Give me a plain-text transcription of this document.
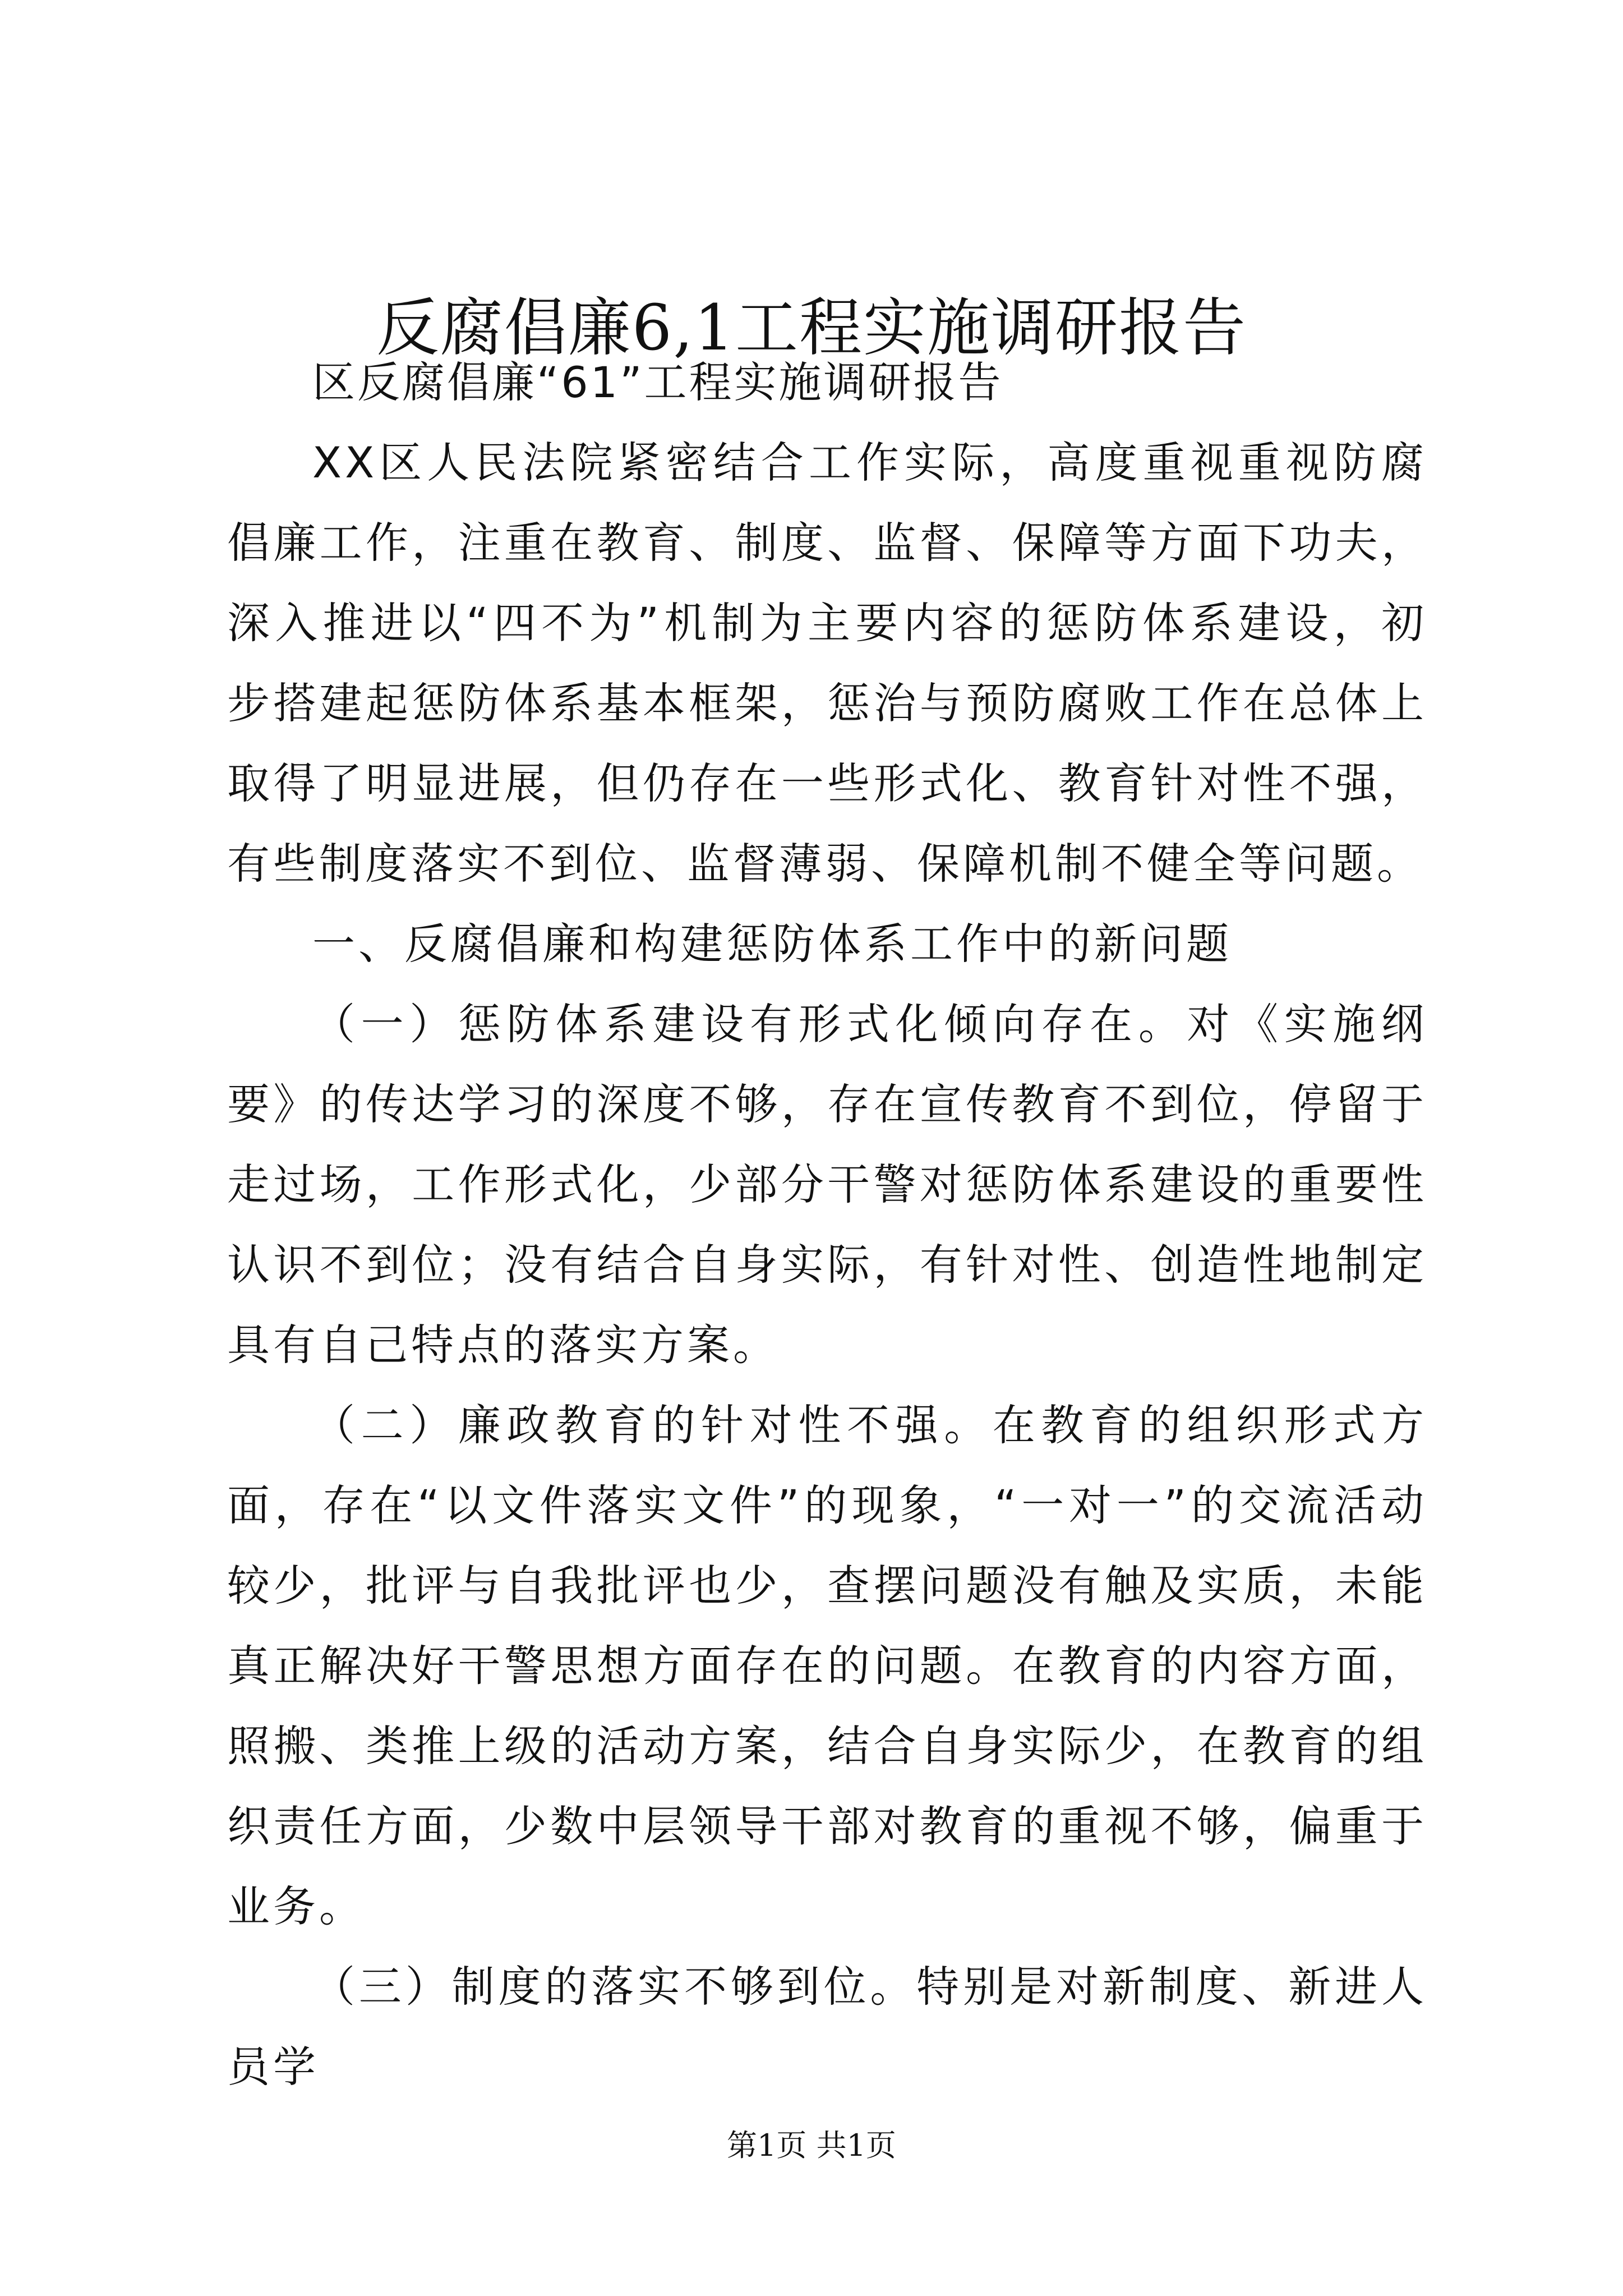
反腐倡廉6,1工程实施调研报告

区反腐倡廉“61”工程实施调研报告

XX区人民法院紧密结合工作实际，高度重视重视防腐倡廉工作，注重在教育、制度、监督、保障等方面下功夫，深入推进以“四不为”机制为主要内容的惩防体系建设，初步搭建起惩防体系基本框架，惩治与预防腐败工作在总体上取得了明显进展，但仍存在一些形式化、教育针对性不强，有些制度落实不到位、监督薄弱、保障机制不健全等问题。

一、反腐倡廉和构建惩防体系工作中的新问题

（一）惩防体系建设有形式化倾向存在。对《实施纲要》的传达学习的深度不够，存在宣传教育不到位，停留于走过场，工作形式化，少部分干警对惩防体系建设的重要性认识不到位；没有结合自身实际，有针对性、创造性地制定具有自己特点的落实方案。

（二）廉政教育的针对性不强。在教育的组织形式方面，存在“以文件落实文件”的现象，“一对一”的交流活动较少，批评与自我批评也少，查摆问题没有触及实质，未能真正解决好干警思想方面存在的问题。在教育的内容方面，照搬、类推上级的活动方案，结合自身实际少，在教育的组织责任方面，少数中层领导干部对教育的重视不够，偏重于业务。

（三）制度的落实不够到位。特别是对新制度、新进人员学

第1页 共1页
